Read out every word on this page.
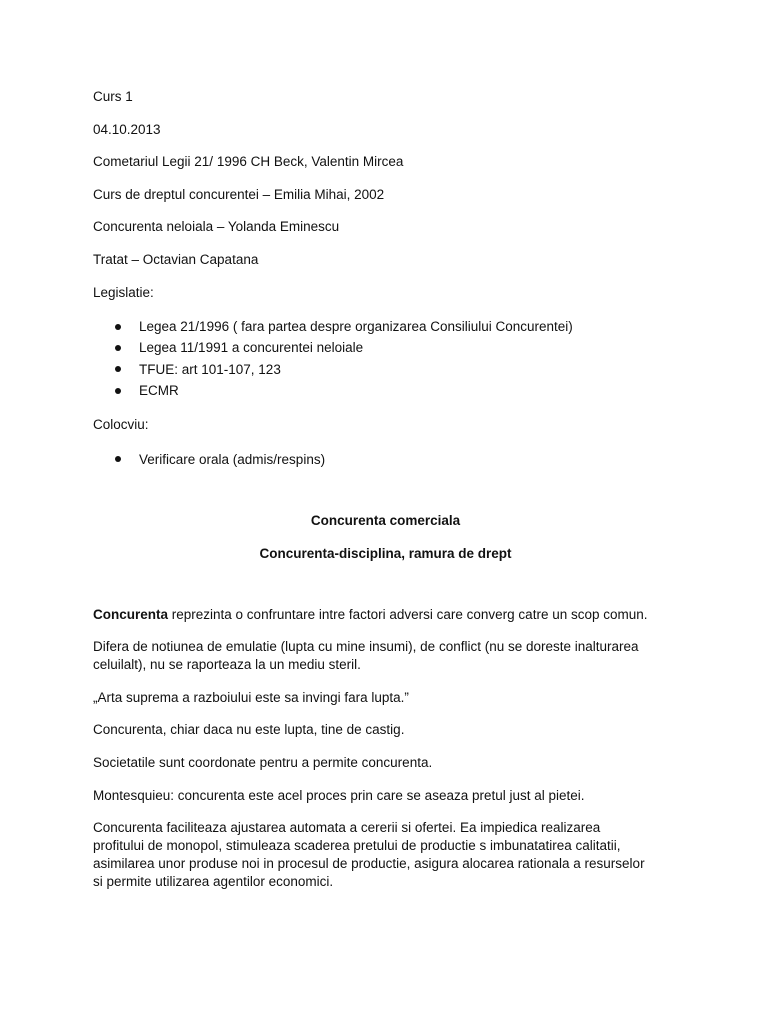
Curs 1

04.10.2013

Cometariul Legii 21/ 1996 CH Beck, Valentin Mircea

Curs de dreptul concurentei – Emilia Mihai, 2002

Concurenta neloiala – Yolanda Eminescu

Tratat – Octavian Capatana

Legislatie:

Legea 21/1996 ( fara partea despre organizarea Consiliului Concurentei)
Legea 11/1991 a concurentei neloiale
TFUE: art 101-107, 123
ECMR

Colocviu:

Verificare orala (admis/respins)

Concurenta comerciala

Concurenta-disciplina, ramura de drept

Concurenta reprezinta o confruntare intre factori adversi care converg catre un scop comun.

Difera de notiunea de emulatie (lupta cu mine insumi), de conflict (nu se doreste inalturarea
celuilalt), nu se raporteaza la un mediu steril.

„Arta suprema a razboiului este sa invingi fara lupta.”

Concurenta, chiar daca nu este lupta, tine de castig.

Societatile sunt coordonate pentru a permite concurenta.

Montesquieu: concurenta este acel proces prin care se aseaza pretul just al pietei.

Concurenta faciliteaza ajustarea automata a cererii si ofertei. Ea impiedica realizarea
profitului de monopol, stimuleaza scaderea pretului de productie s imbunatatirea calitatii,
asimilarea unor produse noi in procesul de productie, asigura alocarea rationala a resurselor
si permite utilizarea agentilor economici.
